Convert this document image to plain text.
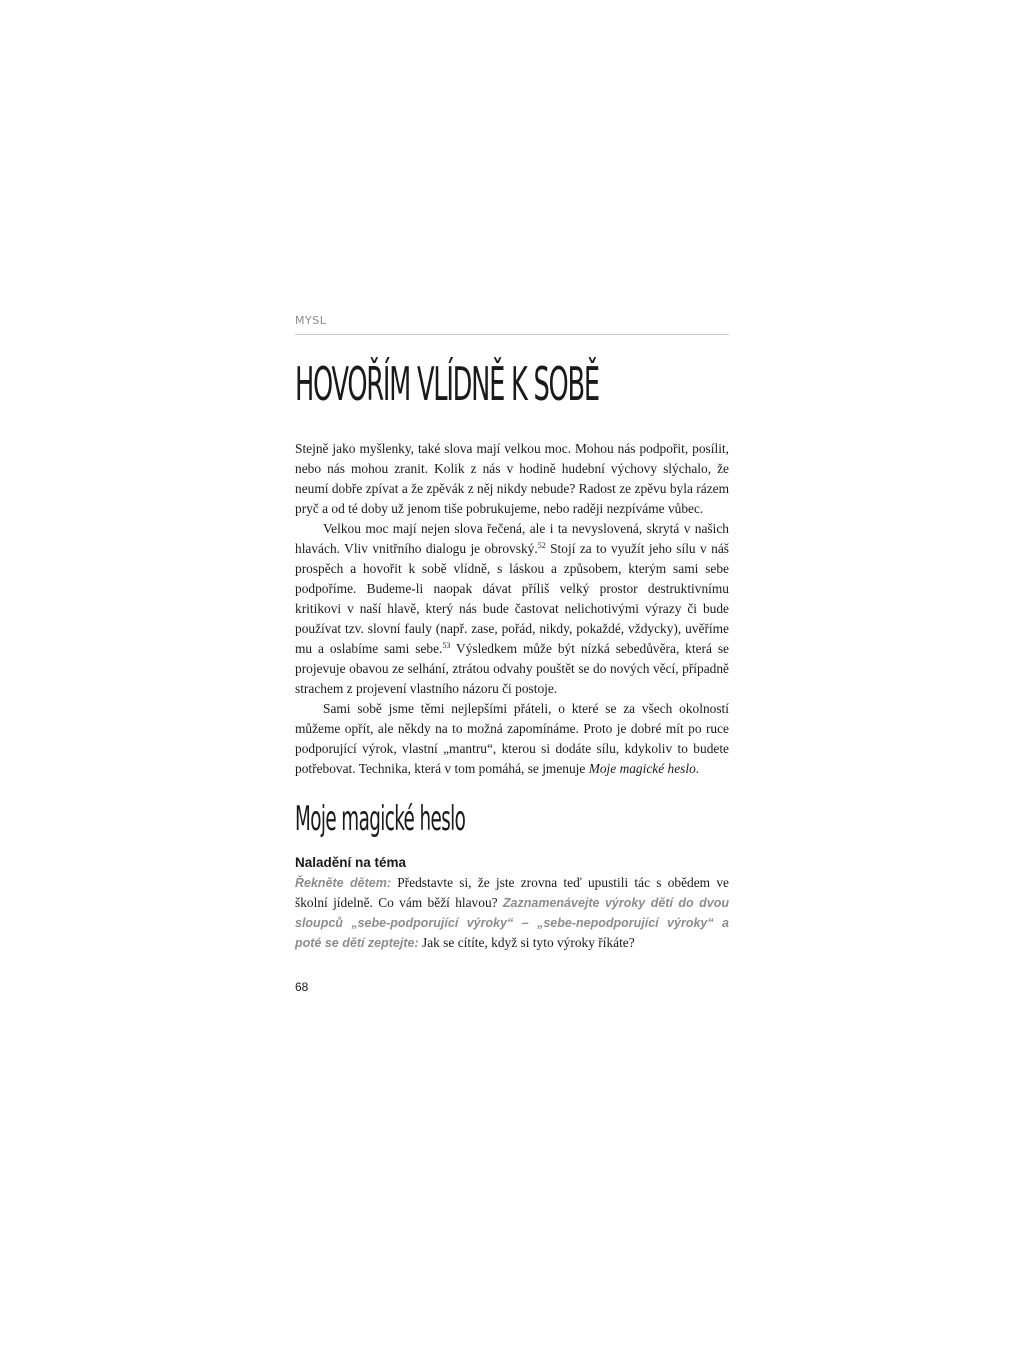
MYSL
HOVOŘÍM VLÍDNĚ K SOBĚ

Stejně jako myšlenky, také slova mají velkou moc. Mohou nás podpořit, posílit, nebo nás mohou zranit. Kolik z nás v hodině hudební výchovy slýchalo, že neumí dobře zpívat a že zpěvák z něj nikdy nebude? Radost ze zpěvu byla rázem pryč a od té doby už jenom tiše pobrukujeme, nebo raději nezpíváme vůbec.

Velkou moc mají nejen slova řečená, ale i ta nevyslovená, skrytá v našich hlavách. Vliv vnitřního dialogu je obrovský.$^{52}$ Stojí za to využít jeho sílu v náš prospěch a hovořit k sobě vlídně, s láskou a způsobem, kterým sami sebe podpoříme. Budeme-li naopak dávat příliš velký prostor destruktivnímu kritikovi v naší hlavě, který nás bude častovat nelichotivými výrazy či bude používat tzv. slovní fauly (např. zase, pořád, nikdy, pokaždé, vždycky), uvěříme mu a oslabíme sami sebe.$^{53}$ Výsledkem může být nízká sebedůvěra, která se projevuje obavou ze selhání, ztrátou odvahy pouštět se do nových věcí, případně strachem z projevení vlastního názoru či postoje.

Sami sobě jsme těmi nejlepšími přáteli, o které se za všech okolností můžeme opřít, ale někdy na to možná zapomínáme. Proto je dobré mít po ruce podporující výrok, vlastní „mantru“, kterou si dodáte sílu, kdykoliv to budete potřebovat. Technika, která v tom pomáhá, se jmenuje Moje magické heslo.

Moje magické heslo
Naladění na téma

Řekněte dětem: Představte si, že jste zrovna teď upustili tác s obědem ve školní jídelně. Co vám běží hlavou? Zaznamenávejte výroky dětí do dvou sloupců „sebe-podporující výroky“ – „sebe-nepodporující výroky“ a poté se dětí zeptejte: Jak se cítíte, když si tyto výroky říkáte?

68
